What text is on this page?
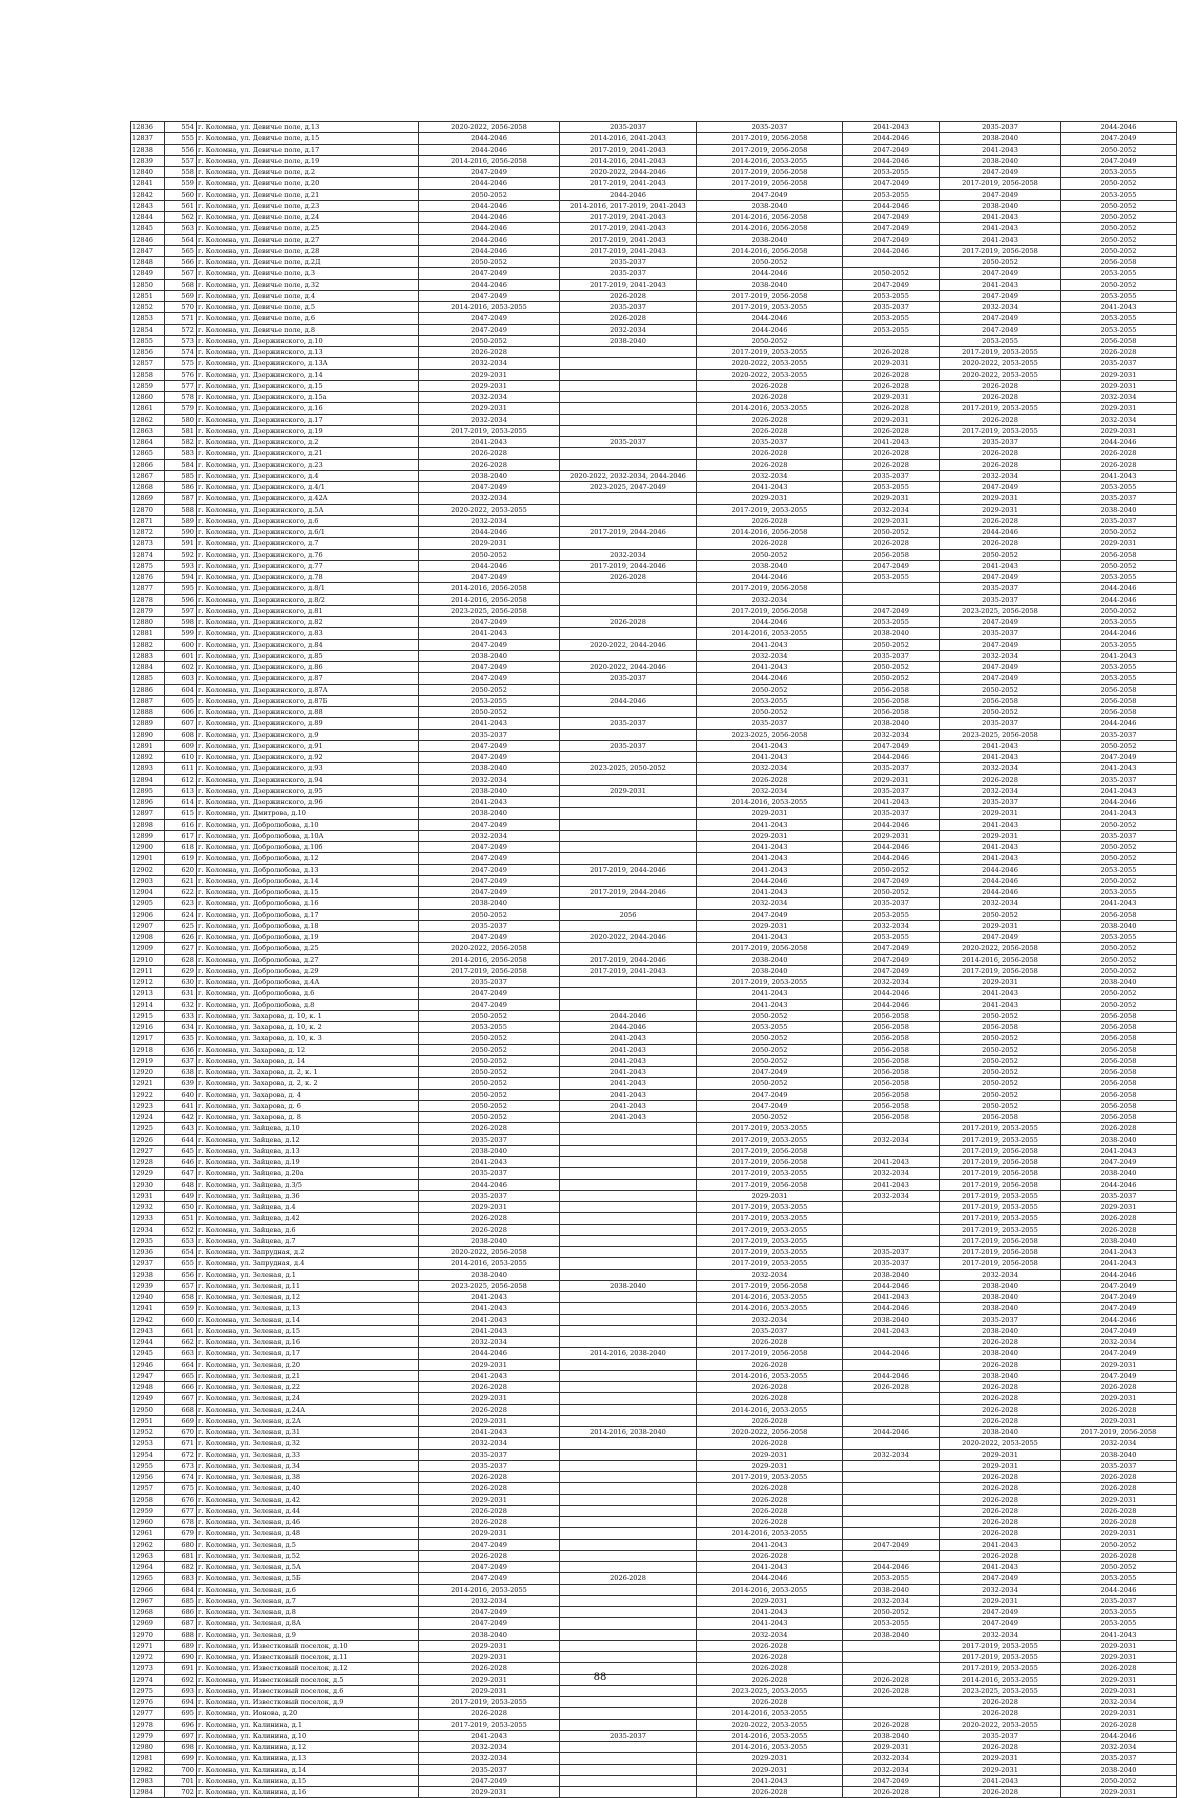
12836	554	г. Коломна, ул. Девичье поле, д.13	2020-2022, 2056-2058	2035-2037	2035-2037	2041-2043	2035-2037	2044-2046
12837	555	г. Коломна, ул. Девичье поле, д.15	2044-2046	2014-2016, 2041-2043	2017-2019, 2056-2058	2044-2046	2038-2040	2047-2049
12838	556	г. Коломна, ул. Девичье поле, д.17	2044-2046	2017-2019, 2041-2043	2017-2019, 2056-2058	2047-2049	2041-2043	2050-2052
12839	557	г. Коломна, ул. Девичье поле, д.19	2014-2016, 2056-2058	2014-2016, 2041-2043	2014-2016, 2053-2055	2044-2046	2038-2040	2047-2049
12840	558	г. Коломна, ул. Девичье поле, д.2	2047-2049	2020-2022, 2044-2046	2017-2019, 2056-2058	2053-2055	2047-2049	2053-2055
12841	559	г. Коломна, ул. Девичье поле, д.20	2044-2046	2017-2019, 2041-2043	2017-2019, 2056-2058	2047-2049	2017-2019, 2056-2058	2050-2052
12842	560	г. Коломна, ул. Девичье поле, д.21	2050-2052	2044-2046	2047-2049	2053-2055	2047-2049	2053-2055
12843	561	г. Коломна, ул. Девичье поле, д.23	2044-2046	2014-2016, 2017-2019, 2041-2043	2038-2040	2044-2046	2038-2040	2050-2052
12844	562	г. Коломна, ул. Девичье поле, д.24	2044-2046	2017-2019, 2041-2043	2014-2016, 2056-2058	2047-2049	2041-2043	2050-2052
12845	563	г. Коломна, ул. Девичье поле, д.25	2044-2046	2017-2019, 2041-2043	2014-2016, 2056-2058	2047-2049	2041-2043	2050-2052
12846	564	г. Коломна, ул. Девичье поле, д.27	2044-2046	2017-2019, 2041-2043	2038-2040	2047-2049	2041-2043	2050-2052
12847	565	г. Коломна, ул. Девичье поле, д.28	2044-2046	2017-2019, 2041-2043	2014-2016, 2056-2058	2044-2046	2017-2019, 2056-2058	2050-2052
12848	566	г. Коломна, ул. Девичье поле, д.2Д	2050-2052	2035-2037	2050-2052		2050-2052	2056-2058
12849	567	г. Коломна, ул. Девичье поле, д.3	2047-2049	2035-2037	2044-2046	2050-2052	2047-2049	2053-2055
12850	568	г. Коломна, ул. Девичье поле, д.32	2044-2046	2017-2019, 2041-2043	2038-2040	2047-2049	2041-2043	2050-2052
12851	569	г. Коломна, ул. Девичье поле, д.4	2047-2049	2026-2028	2017-2019, 2056-2058	2053-2055	2047-2049	2053-2055
12852	570	г. Коломна, ул. Девичье поле, д.5	2014-2016, 2053-2055	2035-2037	2017-2019, 2053-2055	2035-2037	2032-2034	2041-2043
12853	571	г. Коломна, ул. Девичье поле, д.6	2047-2049	2026-2028	2044-2046	2053-2055	2047-2049	2053-2055
12854	572	г. Коломна, ул. Девичье поле, д.8	2047-2049	2032-2034	2044-2046	2053-2055	2047-2049	2053-2055
12855	573	г. Коломна, ул. Дзержинского, д.10	2050-2052	2038-2040	2050-2052		2053-2055	2056-2058
12856	574	г. Коломна, ул. Дзержинского, д.13	2026-2028		2017-2019, 2053-2055	2026-2028	2017-2019, 2053-2055	2026-2028
12857	575	г. Коломна, ул. Дзержинского, д.13А	2032-2034		2020-2022, 2053-2055	2029-2031	2020-2022, 2053-2055	2035-2037
12858	576	г. Коломна, ул. Дзержинского, д.14	2029-2031		2020-2022, 2053-2055	2026-2028	2020-2022, 2053-2055	2029-2031
12859	577	г. Коломна, ул. Дзержинского, д.15	2029-2031		2026-2028	2026-2028	2026-2028	2029-2031
12860	578	г. Коломна, ул. Дзержинского, д.15а	2032-2034		2026-2028	2029-2031	2026-2028	2032-2034
12861	579	г. Коломна, ул. Дзержинского, д.16	2029-2031		2014-2016, 2053-2055	2026-2028	2017-2019, 2053-2055	2029-2031
12862	580	г. Коломна, ул. Дзержинского, д.17	2032-2034		2026-2028	2029-2031	2026-2028	2032-2034
12863	581	г. Коломна, ул. Дзержинского, д.19	2017-2019, 2053-2055		2026-2028	2026-2028	2017-2019, 2053-2055	2029-2031
12864	582	г. Коломна, ул. Дзержинского, д.2	2041-2043	2035-2037	2035-2037	2041-2043	2035-2037	2044-2046
12865	583	г. Коломна, ул. Дзержинского, д.21	2026-2028		2026-2028	2026-2028	2026-2028	2026-2028
12866	584	г. Коломна, ул. Дзержинского, д.23	2026-2028		2026-2028	2026-2028	2026-2028	2026-2028
12867	585	г. Коломна, ул. Дзержинского, д.4	2038-2040	2020-2022, 2032-2034, 2044-2046	2032-2034	2035-2037	2032-2034	2041-2043
12868	586	г. Коломна, ул. Дзержинского, д.4/1	2047-2049	2023-2025, 2047-2049	2041-2043	2053-2055	2047-2049	2053-2055
12869	587	г. Коломна, ул. Дзержинского, д.42А	2032-2034		2029-2031	2029-2031	2029-2031	2035-2037
12870	588	г. Коломна, ул. Дзержинского, д.5А	2020-2022, 2053-2055		2017-2019, 2053-2055	2032-2034	2029-2031	2038-2040
12871	589	г. Коломна, ул. Дзержинского, д.6	2032-2034		2026-2028	2029-2031	2026-2028	2035-2037
12872	590	г. Коломна, ул. Дзержинского, д.6/1	2044-2046	2017-2019, 2044-2046	2014-2016, 2056-2058	2050-2052	2044-2046	2050-2052
12873	591	г. Коломна, ул. Дзержинского, д.7	2029-2031		2026-2028	2026-2028	2026-2028	2029-2031
12874	592	г. Коломна, ул. Дзержинского, д.76	2050-2052	2032-2034	2050-2052	2056-2058	2050-2052	2056-2058
12875	593	г. Коломна, ул. Дзержинского, д.77	2044-2046	2017-2019, 2044-2046	2038-2040	2047-2049	2041-2043	2050-2052
12876	594	г. Коломна, ул. Дзержинского, д.78	2047-2049	2026-2028	2044-2046	2053-2055	2047-2049	2053-2055
12877	595	г. Коломна, ул. Дзержинского, д.8/1	2014-2016, 2056-2058		2017-2019, 2056-2058		2035-2037	2044-2046
12878	596	г. Коломна, ул. Дзержинского, д.8/2	2014-2016, 2056-2058		2032-2034		2035-2037	2044-2046
12879	597	г. Коломна, ул. Дзержинского, д.81	2023-2025, 2056-2058		2017-2019, 2056-2058	2047-2049	2023-2025, 2056-2058	2050-2052
12880	598	г. Коломна, ул. Дзержинского, д.82	2047-2049	2026-2028	2044-2046	2053-2055	2047-2049	2053-2055
12881	599	г. Коломна, ул. Дзержинского, д.83	2041-2043		2014-2016, 2053-2055	2038-2040	2035-2037	2044-2046
12882	600	г. Коломна, ул. Дзержинского, д.84	2047-2049	2020-2022, 2044-2046	2041-2043	2050-2052	2047-2049	2053-2055
12883	601	г. Коломна, ул. Дзержинского, д.85	2038-2040		2032-2034	2035-2037	2032-2034	2041-2043
12884	602	г. Коломна, ул. Дзержинского, д.86	2047-2049	2020-2022, 2044-2046	2041-2043	2050-2052	2047-2049	2053-2055
12885	603	г. Коломна, ул. Дзержинского, д.87	2047-2049	2035-2037	2044-2046	2050-2052	2047-2049	2053-2055
12886	604	г. Коломна, ул. Дзержинского, д.87А	2050-2052		2050-2052	2056-2058	2050-2052	2056-2058
12887	605	г. Коломна, ул. Дзержинского, д.87Б	2053-2055	2044-2046	2053-2055	2056-2058	2056-2058	2056-2058
12888	606	г. Коломна, ул. Дзержинского, д.88	2050-2052		2050-2052	2056-2058	2050-2052	2056-2058
12889	607	г. Коломна, ул. Дзержинского, д.89	2041-2043	2035-2037	2035-2037	2038-2040	2035-2037	2044-2046
12890	608	г. Коломна, ул. Дзержинского, д.9	2035-2037		2023-2025, 2056-2058	2032-2034	2023-2025, 2056-2058	2035-2037
12891	609	г. Коломна, ул. Дзержинского, д.91	2047-2049	2035-2037	2041-2043	2047-2049	2041-2043	2050-2052
12892	610	г. Коломна, ул. Дзержинского, д.92	2047-2049		2041-2043	2044-2046	2041-2043	2047-2049
12893	611	г. Коломна, ул. Дзержинского, д.93	2038-2040	2023-2025, 2050-2052	2032-2034	2035-2037	2032-2034	2041-2043
12894	612	г. Коломна, ул. Дзержинского, д.94	2032-2034		2026-2028	2029-2031	2026-2028	2035-2037
12895	613	г. Коломна, ул. Дзержинского, д.95	2038-2040	2029-2031	2032-2034	2035-2037	2032-2034	2041-2043
12896	614	г. Коломна, ул. Дзержинского, д.96	2041-2043		2014-2016, 2053-2055	2041-2043	2035-2037	2044-2046
12897	615	г. Коломна, ул. Дмитрова, д.10	2038-2040		2029-2031	2035-2037	2029-2031	2041-2043
12898	616	г. Коломна, ул. Добролюбова, д.10	2047-2049		2041-2043	2044-2046	2041-2043	2050-2052
12899	617	г. Коломна, ул. Добролюбова, д.10А	2032-2034		2029-2031	2029-2031	2029-2031	2035-2037
12900	618	г. Коломна, ул. Добролюбова, д.10б	2047-2049		2041-2043	2044-2046	2041-2043	2050-2052
12901	619	г. Коломна, ул. Добролюбова, д.12	2047-2049		2041-2043	2044-2046	2041-2043	2050-2052
12902	620	г. Коломна, ул. Добролюбова, д.13	2047-2049	2017-2019, 2044-2046	2041-2043	2050-2052	2044-2046	2053-2055
12903	621	г. Коломна, ул. Добролюбова, д.14	2047-2049		2044-2046	2047-2049	2044-2046	2050-2052
12904	622	г. Коломна, ул. Добролюбова, д.15	2047-2049	2017-2019, 2044-2046	2041-2043	2050-2052	2044-2046	2053-2055
12905	623	г. Коломна, ул. Добролюбова, д.16	2038-2040		2032-2034	2035-2037	2032-2034	2041-2043
12906	624	г. Коломна, ул. Добролюбова, д.17	2050-2052	2056	2047-2049	2053-2055	2050-2052	2056-2058
12907	625	г. Коломна, ул. Добролюбова, д.18	2035-2037		2029-2031	2032-2034	2029-2031	2038-2040
12908	626	г. Коломна, ул. Добролюбова, д.19	2047-2049	2020-2022, 2044-2046	2041-2043	2053-2055	2047-2049	2053-2055
12909	627	г. Коломна, ул. Добролюбова, д.25	2020-2022, 2056-2058		2017-2019, 2056-2058	2047-2049	2020-2022, 2056-2058	2050-2052
12910	628	г. Коломна, ул. Добролюбова, д.27	2014-2016, 2056-2058	2017-2019, 2044-2046	2038-2040	2047-2049	2014-2016, 2056-2058	2050-2052
12911	629	г. Коломна, ул. Добролюбова, д.29	2017-2019, 2056-2058	2017-2019, 2041-2043	2038-2040	2047-2049	2017-2019, 2056-2058	2050-2052
12912	630	г. Коломна, ул. Добролюбова, д.4А	2035-2037		2017-2019, 2053-2055	2032-2034	2029-2031	2038-2040
12913	631	г. Коломна, ул. Добролюбова, д.6	2047-2049		2041-2043	2044-2046	2041-2043	2050-2052
12914	632	г. Коломна, ул. Добролюбова, д.8	2047-2049		2041-2043	2044-2046	2041-2043	2050-2052
12915	633	г. Коломна, ул. Захарова, д. 10, к. 1	2050-2052	2044-2046	2050-2052	2056-2058	2050-2052	2056-2058
12916	634	г. Коломна, ул. Захарова, д. 10, к. 2	2053-2055	2044-2046	2053-2055	2056-2058	2056-2058	2056-2058
12917	635	г. Коломна, ул. Захарова, д. 10, к. 3	2050-2052	2041-2043	2050-2052	2056-2058	2050-2052	2056-2058
12918	636	г. Коломна, ул. Захарова, д. 12	2050-2052	2041-2043	2050-2052	2056-2058	2050-2052	2056-2058
12919	637	г. Коломна, ул. Захарова, д. 14	2050-2052	2041-2043	2050-2052	2056-2058	2050-2052	2056-2058
12920	638	г. Коломна, ул. Захарова, д. 2, к. 1	2050-2052	2041-2043	2047-2049	2056-2058	2050-2052	2056-2058
12921	639	г. Коломна, ул. Захарова, д. 2, к. 2	2050-2052	2041-2043	2050-2052	2056-2058	2050-2052	2056-2058
12922	640	г. Коломна, ул. Захарова, д. 4	2050-2052	2041-2043	2047-2049	2056-2058	2050-2052	2056-2058
12923	641	г. Коломна, ул. Захарова, д. 6	2050-2052	2041-2043	2047-2049	2056-2058	2050-2052	2056-2058
12924	642	г. Коломна, ул. Захарова, д. 8	2050-2052	2041-2043	2050-2052	2056-2058	2056-2058	2056-2058
12925	643	г. Коломна, ул. Зайцева, д.10	2026-2028		2017-2019, 2053-2055		2017-2019, 2053-2055	2026-2028
12926	644	г. Коломна, ул. Зайцева, д.12	2035-2037		2017-2019, 2053-2055	2032-2034	2017-2019, 2053-2055	2038-2040
12927	645	г. Коломна, ул. Зайцева, д.13	2038-2040		2017-2019, 2056-2058		2017-2019, 2056-2058	2041-2043
12928	646	г. Коломна, ул. Зайцева, д.19	2041-2043		2017-2019, 2056-2058	2041-2043	2017-2019, 2056-2058	2047-2049
12929	647	г. Коломна, ул. Зайцева, д.20а	2035-2037		2017-2019, 2053-2055	2032-2034	2017-2019, 2056-2058	2038-2040
12930	648	г. Коломна, ул. Зайцева, д.3/5	2044-2046		2017-2019, 2056-2058	2041-2043	2017-2019, 2056-2058	2044-2046
12931	649	г. Коломна, ул. Зайцева, д.36	2035-2037		2029-2031	2032-2034	2017-2019, 2053-2055	2035-2037
12932	650	г. Коломна, ул. Зайцева, д.4	2029-2031		2017-2019, 2053-2055		2017-2019, 2053-2055	2029-2031
12933	651	г. Коломна, ул. Зайцева, д.42	2026-2028		2017-2019, 2053-2055		2017-2019, 2053-2055	2026-2028
12934	652	г. Коломна, ул. Зайцева, д.6	2026-2028		2017-2019, 2053-2055		2017-2019, 2053-2055	2026-2028
12935	653	г. Коломна, ул. Зайцева, д.7	2038-2040		2017-2019, 2053-2055		2017-2019, 2056-2058	2038-2040
12936	654	г. Коломна, ул. Запрудная, д.2	2020-2022, 2056-2058		2017-2019, 2053-2055	2035-2037	2017-2019, 2056-2058	2041-2043
12937	655	г. Коломна, ул. Запрудная, д.4	2014-2016, 2053-2055		2017-2019, 2053-2055	2035-2037	2017-2019, 2056-2058	2041-2043
12938	656	г. Коломна, ул. Зеленая, д.1	2038-2040		2032-2034	2038-2040	2032-2034	2044-2046
12939	657	г. Коломна, ул. Зеленая, д.11	2023-2025, 2056-2058	2038-2040	2017-2019, 2056-2058	2044-2046	2038-2040	2047-2049
12940	658	г. Коломна, ул. Зеленая, д.12	2041-2043		2014-2016, 2053-2055	2041-2043	2038-2040	2047-2049
12941	659	г. Коломна, ул. Зеленая, д.13	2041-2043		2014-2016, 2053-2055	2044-2046	2038-2040	2047-2049
12942	660	г. Коломна, ул. Зеленая, д.14	2041-2043		2032-2034	2038-2040	2035-2037	2044-2046
12943	661	г. Коломна, ул. Зеленая, д.15	2041-2043		2035-2037	2041-2043	2038-2040	2047-2049
12944	662	г. Коломна, ул. Зеленая, д.16	2032-2034		2026-2028		2026-2028	2032-2034
12945	663	г. Коломна, ул. Зеленая, д.17	2044-2046	2014-2016, 2038-2040	2017-2019, 2056-2058	2044-2046	2038-2040	2047-2049
12946	664	г. Коломна, ул. Зеленая, д.20	2029-2031		2026-2028		2026-2028	2029-2031
12947	665	г. Коломна, ул. Зеленая, д.21	2041-2043		2014-2016, 2053-2055	2044-2046	2038-2040	2047-2049
12948	666	г. Коломна, ул. Зеленая, д.22	2026-2028		2026-2028	2026-2028	2026-2028	2026-2028
12949	667	г. Коломна, ул. Зеленая, д.24	2029-2031		2026-2028		2026-2028	2029-2031
12950	668	г. Коломна, ул. Зеленая, д.24А	2026-2028		2014-2016, 2053-2055		2026-2028	2026-2028
12951	669	г. Коломна, ул. Зеленая, д.2А	2029-2031		2026-2028		2026-2028	2029-2031
12952	670	г. Коломна, ул. Зеленая, д.31	2041-2043	2014-2016, 2038-2040	2020-2022, 2056-2058	2044-2046	2038-2040	2017-2019, 2056-2058
12953	671	г. Коломна, ул. Зеленая, д.32	2032-2034		2026-2028		2020-2022, 2053-2055	2032-2034
12954	672	г. Коломна, ул. Зеленая, д.33	2035-2037		2029-2031	2032-2034	2029-2031	2038-2040
12955	673	г. Коломна, ул. Зеленая, д.34	2035-2037		2029-2031		2029-2031	2035-2037
12956	674	г. Коломна, ул. Зеленая, д.38	2026-2028		2017-2019, 2053-2055		2026-2028	2026-2028
12957	675	г. Коломна, ул. Зеленая, д.40	2026-2028		2026-2028		2026-2028	2026-2028
12958	676	г. Коломна, ул. Зеленая, д.42	2029-2031		2026-2028		2026-2028	2029-2031
12959	677	г. Коломна, ул. Зеленая, д.44	2026-2028		2026-2028		2026-2028	2026-2028
12960	678	г. Коломна, ул. Зеленая, д.46	2026-2028		2026-2028		2026-2028	2026-2028
12961	679	г. Коломна, ул. Зеленая, д.48	2029-2031		2014-2016, 2053-2055		2026-2028	2029-2031
12962	680	г. Коломна, ул. Зеленая, д.5	2047-2049		2041-2043	2047-2049	2041-2043	2050-2052
12963	681	г. Коломна, ул. Зеленая, д.52	2026-2028		2026-2028		2026-2028	2026-2028
12964	682	г. Коломна, ул. Зеленая, д.5А	2047-2049		2041-2043	2044-2046	2041-2043	2050-2052
12965	683	г. Коломна, ул. Зеленая, д.5Б	2047-2049	2026-2028	2044-2046	2053-2055	2047-2049	2053-2055
12966	684	г. Коломна, ул. Зеленая, д.6	2014-2016, 2053-2055		2014-2016, 2053-2055	2038-2040	2032-2034	2044-2046
12967	685	г. Коломна, ул. Зеленая, д.7	2032-2034		2029-2031	2032-2034	2029-2031	2035-2037
12968	686	г. Коломна, ул. Зеленая, д.8	2047-2049		2041-2043	2050-2052	2047-2049	2053-2055
12969	687	г. Коломна, ул. Зеленая, д.8А	2047-2049		2041-2043	2053-2055	2047-2049	2053-2055
12970	688	г. Коломна, ул. Зеленая, д.9	2038-2040		2032-2034	2038-2040	2032-2034	2041-2043
12971	689	г. Коломна, ул. Известковый поселок, д.10	2029-2031		2026-2028		2017-2019, 2053-2055	2029-2031
12972	690	г. Коломна, ул. Известковый поселок, д.11	2029-2031		2026-2028		2017-2019, 2053-2055	2029-2031
12973	691	г. Коломна, ул. Известковый поселок, д.12	2026-2028		2026-2028		2017-2019, 2053-2055	2026-2028
12974	692	г. Коломна, ул. Известковый поселок, д.5	2029-2031		2026-2028	2026-2028	2014-2016, 2053-2055	2029-2031
12975	693	г. Коломна, ул. Известковый поселок, д.6	2029-2031		2023-2025, 2053-2055	2026-2028	2023-2025, 2053-2055	2029-2031
12976	694	г. Коломна, ул. Известковый поселок, д.9	2017-2019, 2053-2055		2026-2028		2026-2028	2032-2034
12977	695	г. Коломна, ул. Ионова, д.20	2026-2028		2014-2016, 2053-2055		2026-2028	2029-2031
12978	696	г. Коломна, ул. Калинина, д.1	2017-2019, 2053-2055		2020-2022, 2053-2055	2026-2028	2020-2022, 2053-2055	2026-2028
12979	697	г. Коломна, ул. Калинина, д.10	2041-2043	2035-2037	2014-2016, 2053-2055	2038-2040	2035-2037	2044-2046
12980	698	г. Коломна, ул. Калинина, д.12	2032-2034		2014-2016, 2053-2055	2029-2031	2026-2028	2032-2034
12981	699	г. Коломна, ул. Калинина, д.13	2032-2034		2029-2031	2032-2034	2029-2031	2035-2037
12982	700	г. Коломна, ул. Калинина, д.14	2035-2037		2029-2031	2032-2034	2029-2031	2038-2040
12983	701	г. Коломна, ул. Калинина, д.15	2047-2049		2041-2043	2047-2049	2041-2043	2050-2052
12984	702	г. Коломна, ул. Калинина, д.16	2029-2031		2026-2028	2026-2028	2026-2028	2029-2031
88
